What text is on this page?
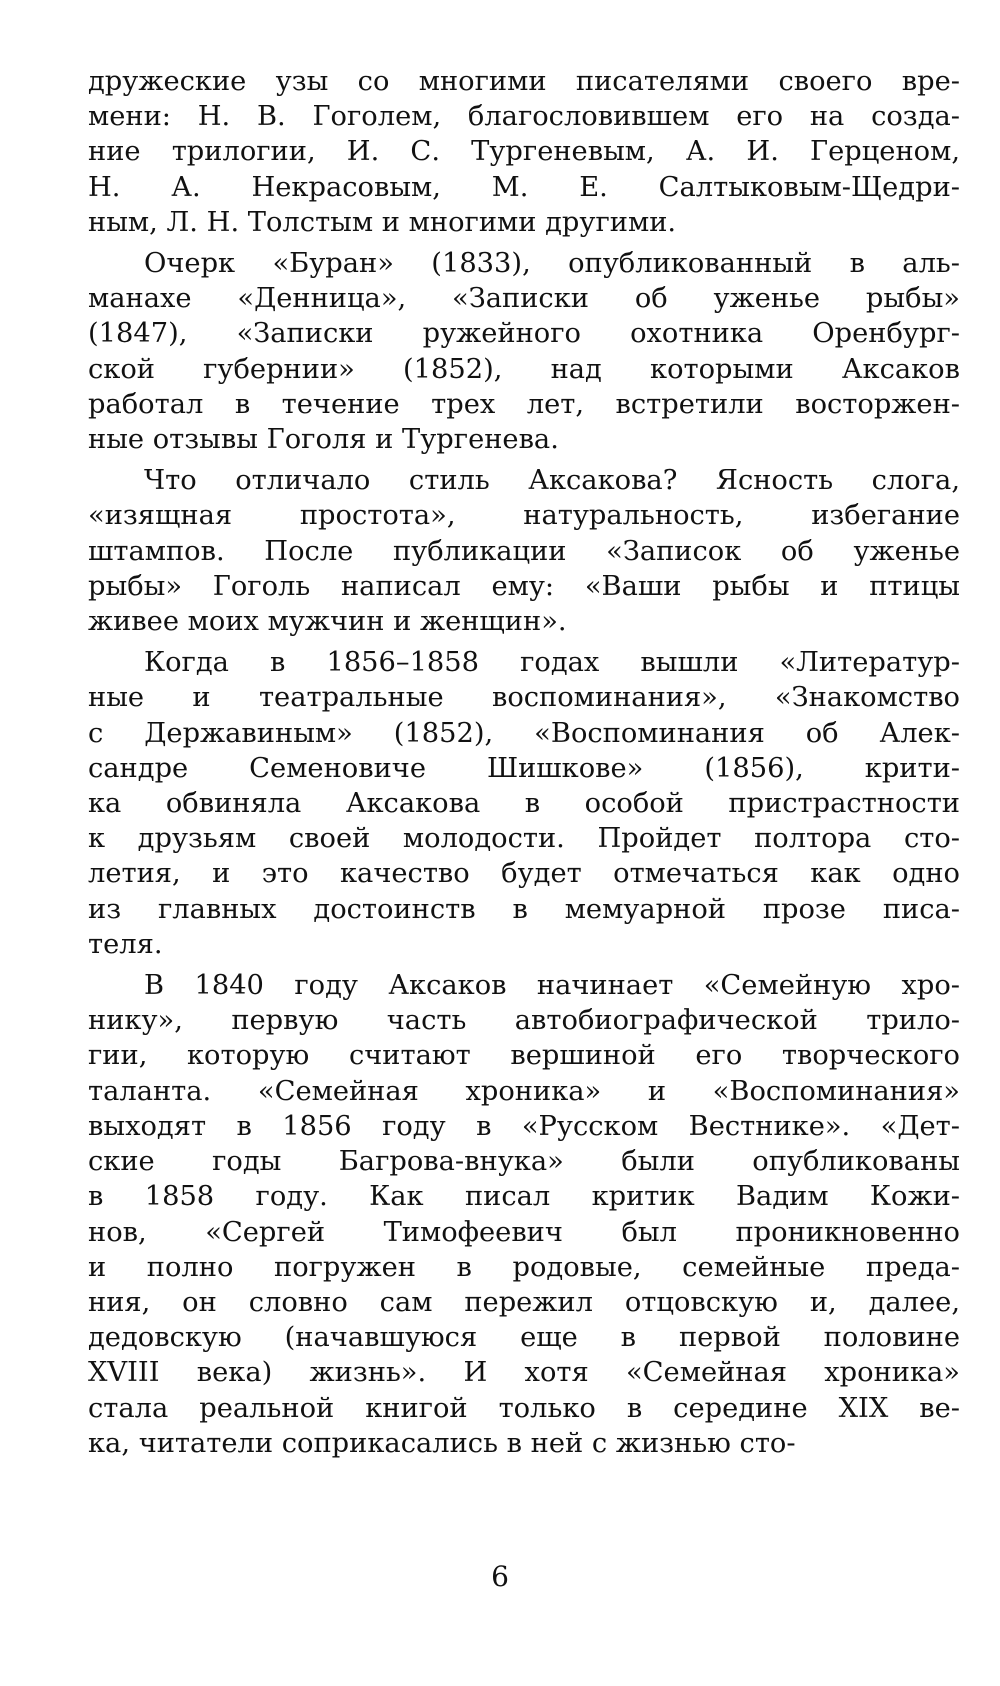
дружеские узы со многими писателями своего вре-
мени: Н. В. Гоголем, благословившем его на созда-
ние трилогии, И. С. Тургеневым, А. И. Герценом,
Н. А. Некрасовым, М. Е. Салтыковым-Щедри-
ным, Л. Н. Толстым и многими другими.
Очерк «Буран» (1833), опубликованный в аль-
манахе «Денница», «Записки об уженье рыбы»
(1847), «Записки ружейного охотника Оренбург-
ской губернии» (1852), над которыми Аксаков
работал в течение трех лет, встретили восторжен-
ные отзывы Гоголя и Тургенева.
Что отличало стиль Аксакова? Ясность слога,
«изящная простота», натуральность, избегание
штампов. После публикации «Записок об уженье
рыбы» Гоголь написал ему: «Ваши рыбы и птицы
живее моих мужчин и женщин».
Когда в 1856–1858 годах вышли «Литератур-
ные и театральные воспоминания», «Знакомство
с Державиным» (1852), «Воспоминания об Алек-
сандре Семеновиче Шишкове» (1856), крити-
ка обвиняла Аксакова в особой пристрастности
к друзьям своей молодости. Пройдет полтора сто-
летия, и это качество будет отмечаться как одно
из главных достоинств в мемуарной прозе писа-
теля.
В 1840 году Аксаков начинает «Семейную хро-
нику», первую часть автобиографической трило-
гии, которую считают вершиной его творческого
таланта. «Семейная хроника» и «Воспоминания»
выходят в 1856 году в «Русском Вестнике». «Дет-
ские годы Багрова-внука» были опубликованы
в 1858 году. Как писал критик Вадим Кожи-
нов, «Сергей Тимофеевич был проникновенно
и полно погружен в родовые, семейные преда-
ния, он словно сам пережил отцовскую и, далее,
дедовскую (начавшуюся еще в первой половине
XVIII века) жизнь». И хотя «Семейная хроника»
стала реальной книгой только в середине XIX ве-
ка, читатели соприкасались в ней с жизнью сто-
6
